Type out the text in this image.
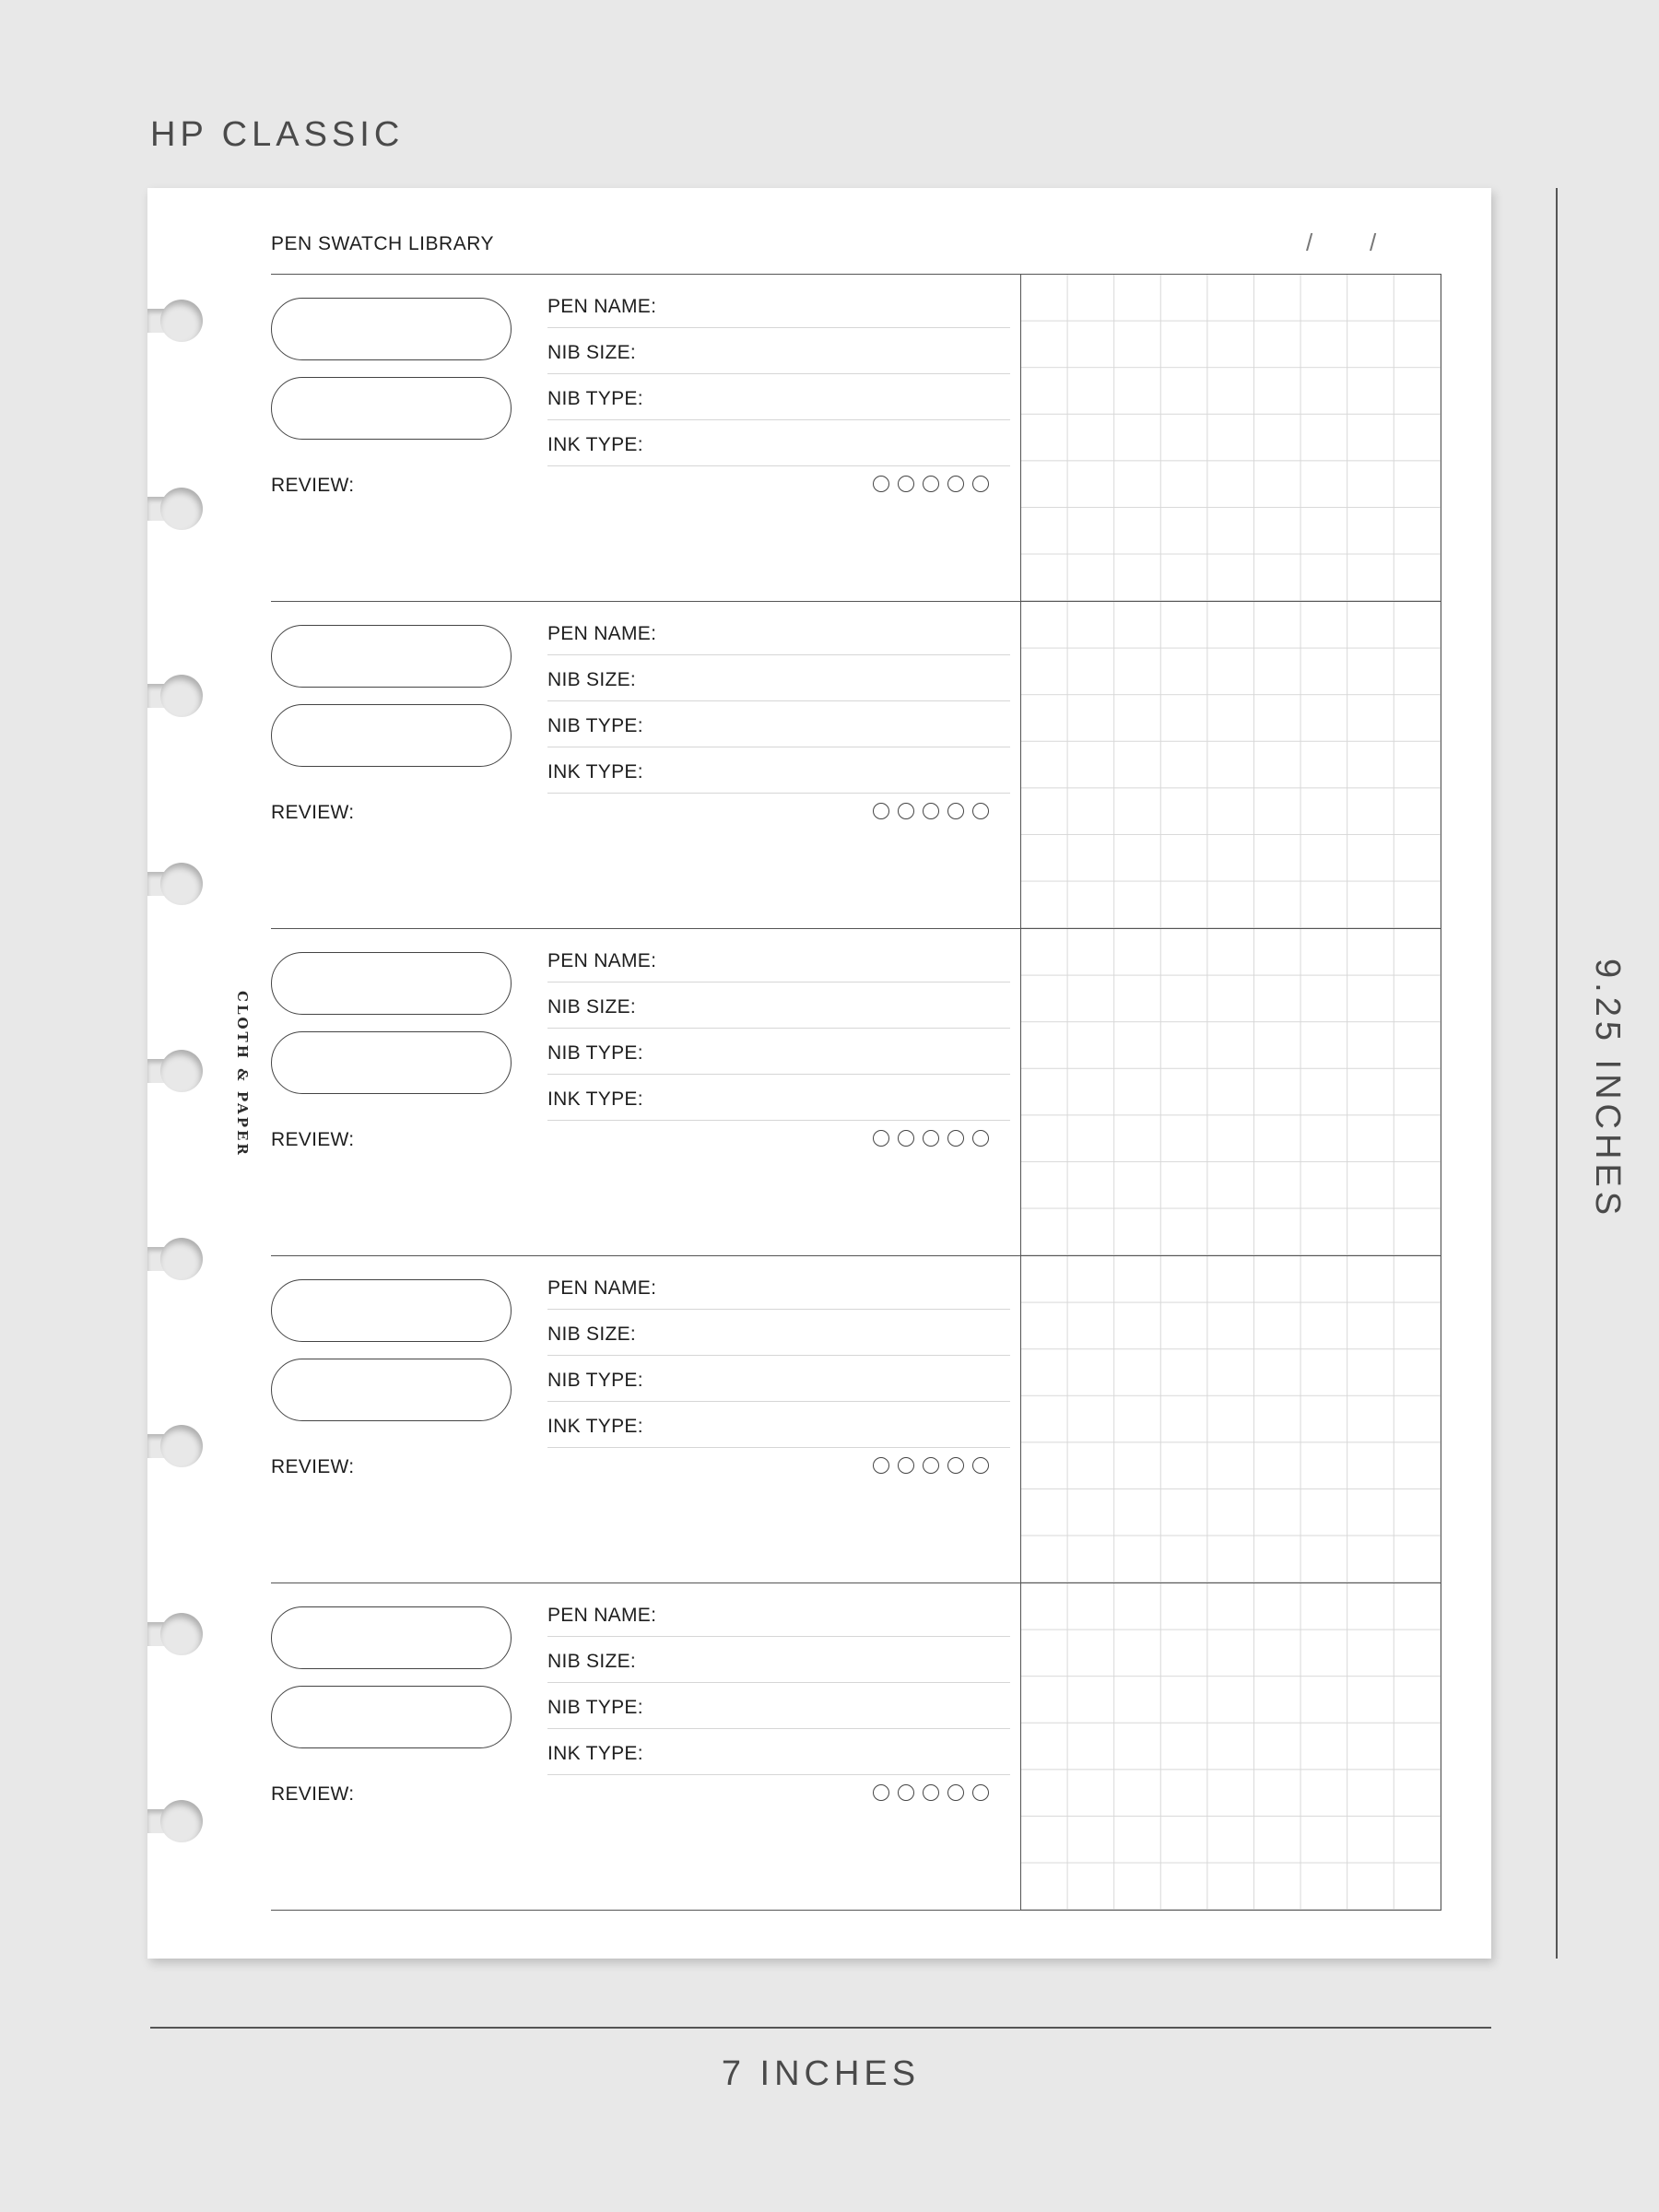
HP CLASSIC
CLOTH & PAPER
PEN SWATCH LIBRARY	/ /
PEN NAME:
NIB SIZE:
NIB TYPE:
INK TYPE:
REVIEW:
PEN NAME:
NIB SIZE:
NIB TYPE:
INK TYPE:
REVIEW:
PEN NAME:
NIB SIZE:
NIB TYPE:
INK TYPE:
REVIEW:
PEN NAME:
NIB SIZE:
NIB TYPE:
INK TYPE:
REVIEW:
PEN NAME:
NIB SIZE:
NIB TYPE:
INK TYPE:
REVIEW:
9.25 INCHES
7 INCHES
